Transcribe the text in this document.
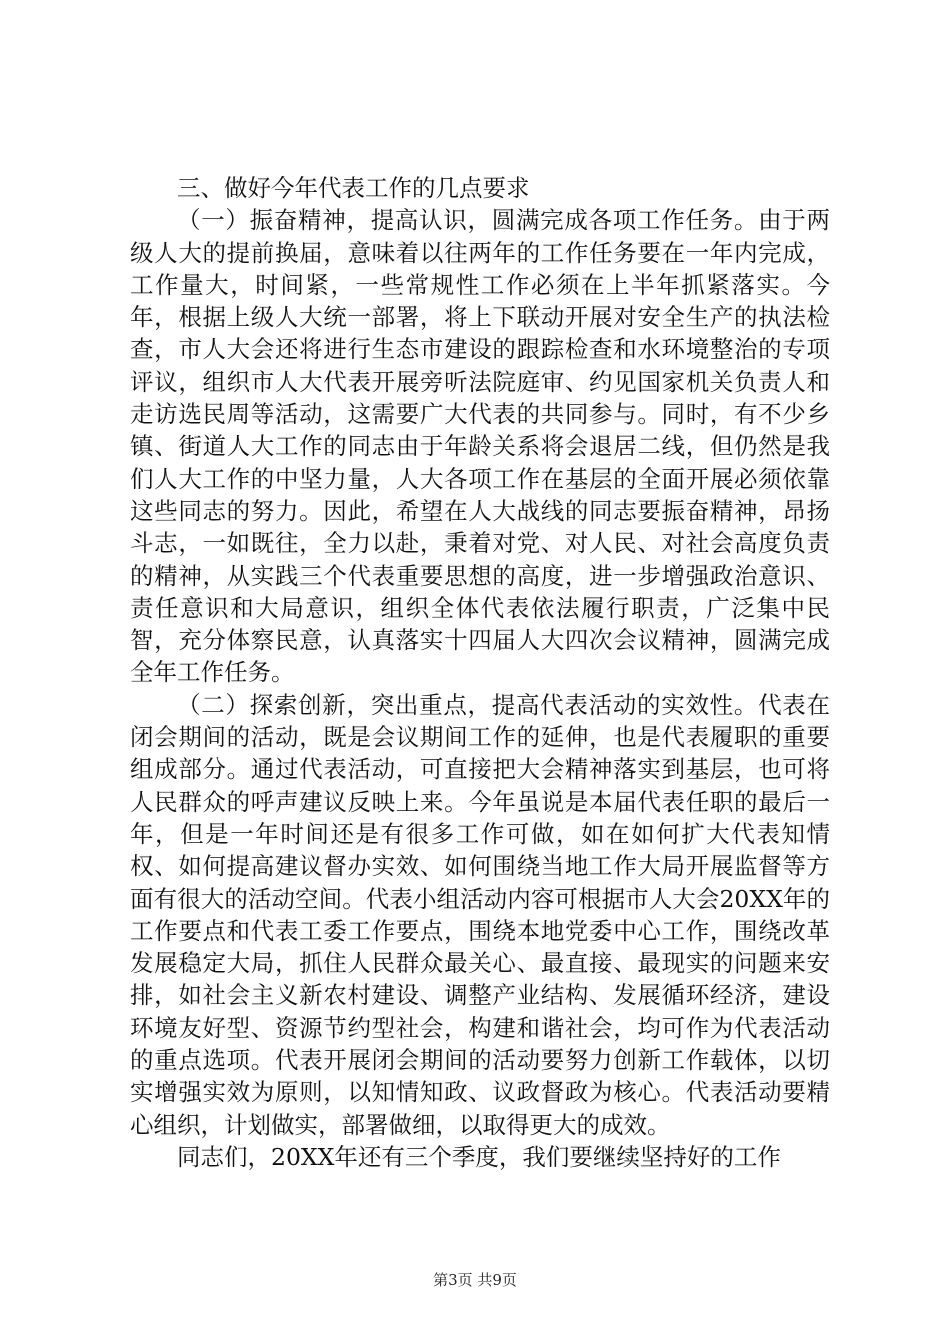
三、做好今年代表工作的几点要求

（一）振奋精神，提高认识，圆满完成各项工作任务。由于两级人大的提前换届，意味着以往两年的工作任务要在一年内完成，工作量大，时间紧，一些常规性工作必须在上半年抓紧落实。今年，根据上级人大统一部署，将上下联动开展对安全生产的执法检查，市人大会还将进行生态市建设的跟踪检查和水环境整治的专项评议，组织市人大代表开展旁听法院庭审、约见国家机关负责人和走访选民周等活动，这需要广大代表的共同参与。同时，有不少乡镇、街道人大工作的同志由于年龄关系将会退居二线，但仍然是我们人大工作的中坚力量，人大各项工作在基层的全面开展必须依靠这些同志的努力。因此，希望在人大战线的同志要振奋精神，昂扬斗志，一如既往，全力以赴，秉着对党、对人民、对社会高度负责的精神，从实践三个代表重要思想的高度，进一步增强政治意识、责任意识和大局意识，组织全体代表依法履行职责，广泛集中民智，充分体察民意，认真落实十四届人大四次会议精神，圆满完成全年工作任务。

（二）探索创新，突出重点，提高代表活动的实效性。代表在闭会期间的活动，既是会议期间工作的延伸，也是代表履职的重要组成部分。通过代表活动，可直接把大会精神落实到基层，也可将人民群众的呼声建议反映上来。今年虽说是本届代表任职的最后一年，但是一年时间还是有很多工作可做，如在如何扩大代表知情权、如何提高建议督办实效、如何围绕当地工作大局开展监督等方面有很大的活动空间。代表小组活动内容可根据市人大会20XX年的工作要点和代表工委工作要点，围绕本地党委中心工作，围绕改革发展稳定大局，抓住人民群众最关心、最直接、最现实的问题来安排，如社会主义新农村建设、调整产业结构、发展循环经济，建设环境友好型、资源节约型社会，构建和谐社会，均可作为代表活动的重点选项。代表开展闭会期间的活动要努力创新工作载体，以切实增强实效为原则，以知情知政、议政督政为核心。代表活动要精心组织，计划做实，部署做细，以取得更大的成效。

同志们，20XX年还有三个季度，我们要继续坚持好的工作

第3页 共9页
